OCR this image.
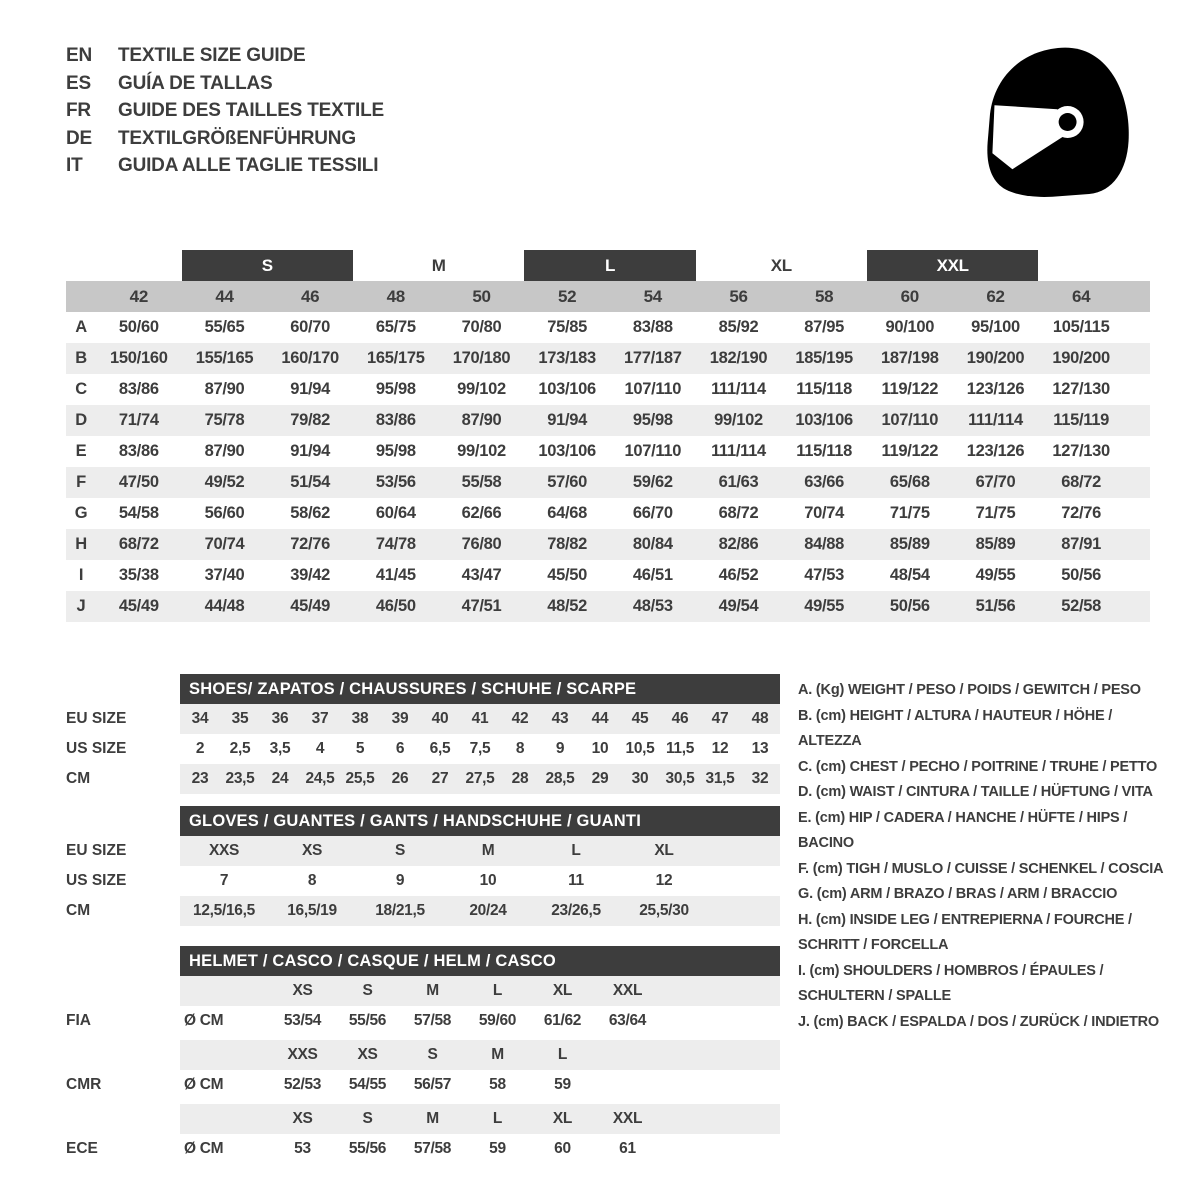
EN	TEXTILE SIZE GUIDE
ES	GUÍA DE TALLAS
FR	GUIDE DES TAILLES TEXTILE
DE	TEXTILGRÖßENFÜHRUNG
IT	GUIDA ALLE TAGLIE TESSILI
S	M	L	XL	XXL
42	44	46	48	50	52	54	56	58	60	62	64
A	50/60	55/65	60/70	65/75	70/80	75/85	83/88	85/92	87/95	90/100	95/100	105/115
B	150/160	155/165	160/170	165/175	170/180	173/183	177/187	182/190	185/195	187/198	190/200	190/200
C	83/86	87/90	91/94	95/98	99/102	103/106	107/110	111/114	115/118	119/122	123/126	127/130
D	71/74	75/78	79/82	83/86	87/90	91/94	95/98	99/102	103/106	107/110	111/114	115/119
E	83/86	87/90	91/94	95/98	99/102	103/106	107/110	111/114	115/118	119/122	123/126	127/130
F	47/50	49/52	51/54	53/56	55/58	57/60	59/62	61/63	63/66	65/68	67/70	68/72
G	54/58	56/60	58/62	60/64	62/66	64/68	66/70	68/72	70/74	71/75	71/75	72/76
H	68/72	70/74	72/76	74/78	76/80	78/82	80/84	82/86	84/88	85/89	85/89	87/91
I	35/38	37/40	39/42	41/45	43/47	45/50	46/51	46/52	47/53	48/54	49/55	50/56
J	45/49	44/48	45/49	46/50	47/51	48/52	48/53	49/54	49/55	50/56	51/56	52/58
SHOES/ ZAPATOS / CHAUSSURES / SCHUHE / SCARPE
EU SIZE	34	35	36	37	38	39	40	41	42	43	44	45	46	47	48
US SIZE	2	2,5	3,5	4	5	6	6,5	7,5	8	9	10	10,5 11,5	12	13
CM	23	23,5	24	24,5 25,5	26	27	27,5	28	28,5	29	30	30,5 31,5	32
GLOVES / GUANTES / GANTS / HANDSCHUHE / GUANTI
EU SIZE	XXS	XS	S	M	L	XL
US SIZE	7	8	9	10	11	12
CM	12,5/16,5	16,5/19	18/21,5	20/24	23/26,5	25,5/30
HELMET / CASCO / CASQUE / HELM / CASCO
XS	S	M	L	XL	XXL
FIA	Ø CM	53/54	55/56	57/58	59/60	61/62	63/64
XXS	XS	S	M	L
CMR	Ø CM	52/53	54/55	56/57	58	59
XS	S	M	L	XL	XXL
ECE	Ø CM	53	55/56	57/58	59	60	61
A. (Kg) WEIGHT / PESO / POIDS / GEWITCH / PESO
B. (cm) HEIGHT / ALTURA / HAUTEUR / HÖHE / ALTEZZA
C. (cm) CHEST / PECHO / POITRINE / TRUHE / PETTO
D. (cm) WAIST / CINTURA / TAILLE / HÜFTUNG / VITA
E. (cm) HIP / CADERA / HANCHE / HÜFTE / HIPS / BACINO
F. (cm) TIGH / MUSLO / CUISSE / SCHENKEL / COSCIA
G. (cm) ARM / BRAZO / BRAS / ARM / BRACCIO
H. (cm) INSIDE LEG / ENTREPIERNA / FOURCHE / SCHRITT / FORCELLA
I. (cm) SHOULDERS / HOMBROS / ÉPAULES / SCHULTERN / SPALLE
J. (cm) BACK / ESPALDA / DOS / ZURÜCK / INDIETRO
